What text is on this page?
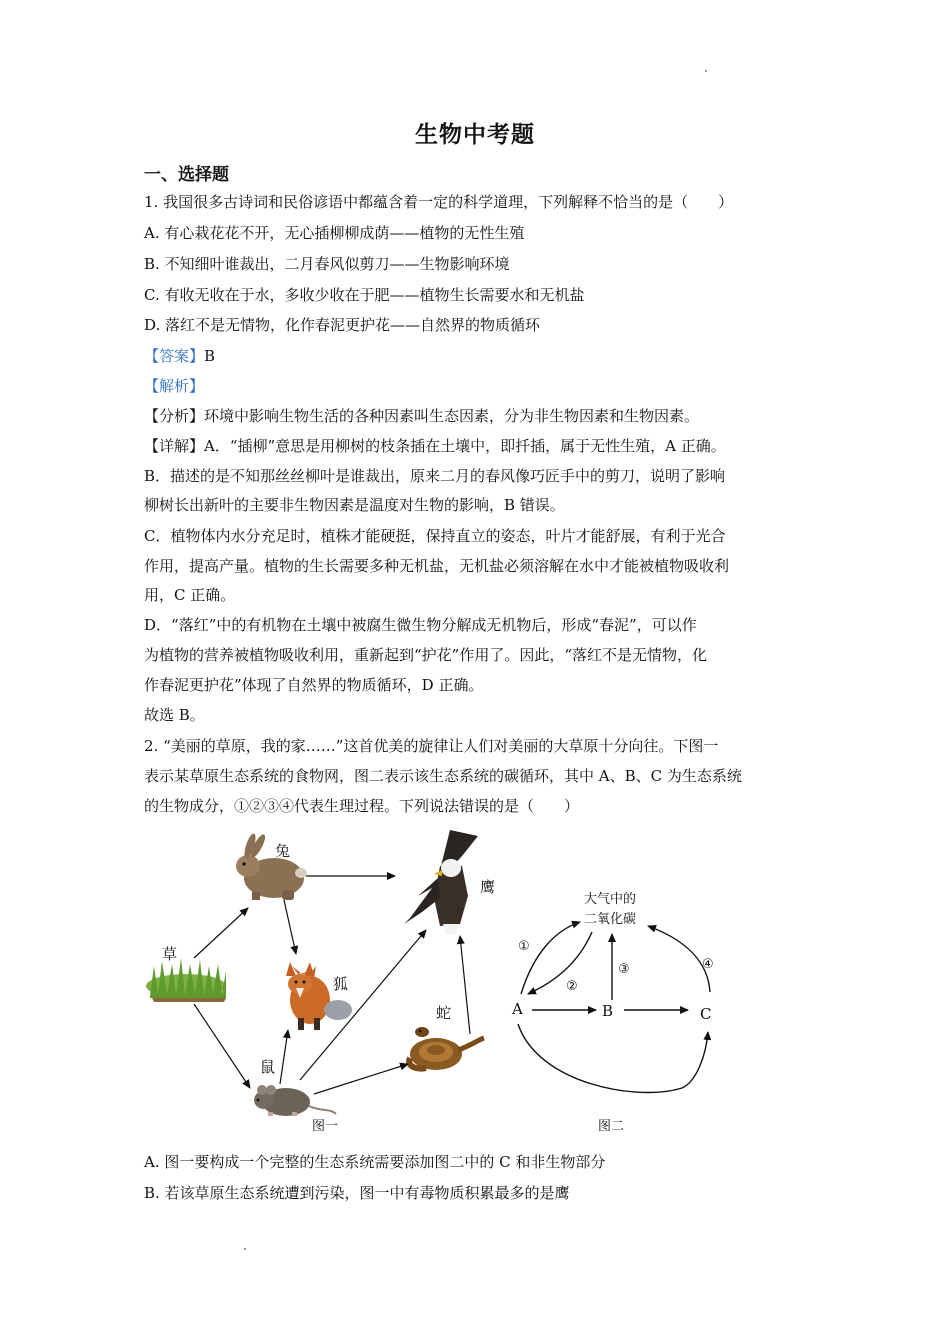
生物中考题
一、选择题
1. 我国很多古诗词和民俗谚语中都蕴含着一定的科学道理，下列解释不恰当的是（　　）
A. 有心栽花花不开，无心插柳柳成荫——植物的无性生殖
B. 不知细叶谁裁出，二月春风似剪刀——生物影响环境
C. 有收无收在于水，多收少收在于肥——植物生长需要水和无机盐
D. 落红不是无情物，化作春泥更护花——自然界的物质循环
【答案】B
【解析】
【分析】环境中影响生物生活的各种因素叫生态因素，分为非生物因素和生物因素。
【详解】A．“插柳”意思是用柳树的枝条插在土壤中，即扦插，属于无性生殖，A 正确。
B．描述的是不知那丝丝柳叶是谁裁出，原来二月的春风像巧匠手中的剪刀，说明了影响
柳树长出新叶的主要非生物因素是温度对生物的影响，B 错误。
C．植物体内水分充足时，植株才能硬挺，保持直立的姿态，叶片才能舒展，有利于光合
作用，提高产量。植物的生长需要多种无机盐，无机盐必须溶解在水中才能被植物吸收利
用，C 正确。
D．“落红”中的有机物在土壤中被腐生微生物分解成无机物后，形成“春泥”，可以作
为植物的营养被植物吸收利用，重新起到“护花”作用了。因此，“落红不是无情物，化
作春泥更护花”体现了自然界的物质循环，D 正确。
故选 B。
2. “美丽的草原，我的家……”这首优美的旋律让人们对美丽的大草原十分向往。下图一
表示某草原生态系统的食物网，图二表示该生态系统的碳循环，其中 A、B、C 为生态系统
的生物成分，①②③④代表生理过程。下列说法错误的是（　　）
草
兔
鹰
狐
蛇
鼠
图一
大气中的
二氧化碳
A	B	C
①
②
③	④
图二
A. 图一要构成一个完整的生态系统需要添加图二中的 C 和非生物部分
B. 若该草原生态系统遭到污染，图一中有毒物质积累最多的是鹰
